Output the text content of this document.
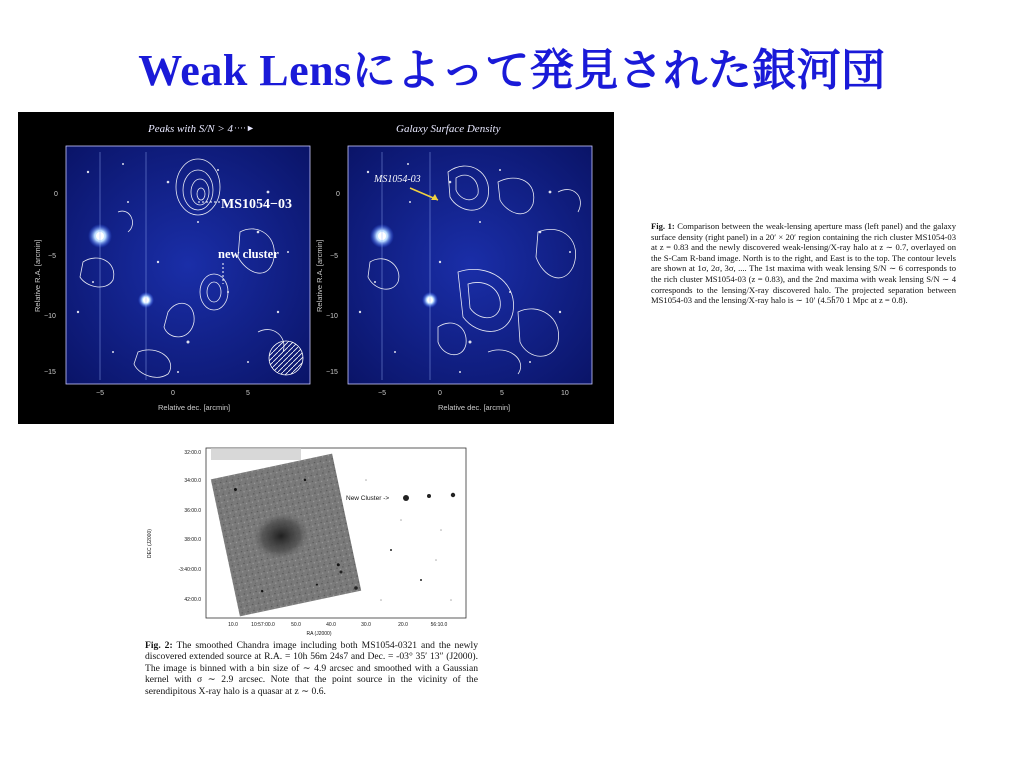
Weak Lensによって発見された銀河団
Peaks with S/N > 4 ····►	Galaxy Surface Density
MS1054−03
new cluster
−5	0	5
Relative dec. [arcmin]
0
−5
−10
−15
Relative R.A. [arcmin]
MS1054-03
−5	0	5	10
Relative dec. [arcmin]
0
−5
−10
−15
Relative R.A. [arcmin]
Fig. 1: Comparison between the weak-lensing aperture mass (left panel) and the galaxy surface density (right panel) in a 20′ × 20′ region containing the rich cluster MS1054-03 at z = 0.83 and the newly discovered weak-lensing/X-ray halo at z ∼ 0.7, overlayed on the S-Cam R-band image. North is to the right, and East is to the top. The contour levels are shown at 1σ, 2σ, 3σ, .... The 1st maxima with weak lensing S/N ∼ 6 corresponds to the rich cluster MS1054-03 (z = 0.83), and the 2nd maxima with weak lensing S/N ∼ 4 corresponds to the lensing/X-ray discovered halo. The projected separation between MS1054-03 and the lensing/X-ray halo is ∼ 10′ (4.5h̄70 1 Mpc at z = 0.8).
New Cluster ->
32:00.0
34:00.0
36:00.0
38:00.0
-3:40:00.0
42:00.0
DEC (J2000)
10.0	10:57:00.0	50.0	40.0	30.0	20.0	56:10.0
RA (J2000)
Fig. 2: The smoothed Chandra image including both MS1054-0321 and the newly discovered extended source at R.A. = 10h 56m 24s7 and Dec. = -03° 35′ 13″ (J2000). The image is binned with a bin size of ∼ 4.9 arcsec and smoothed with a Gaussian kernel with σ ∼ 2.9 arcsec. Note that the point source in the vicinity of the serendipitous X-ray halo is a quasar at z ∼ 0.6.
